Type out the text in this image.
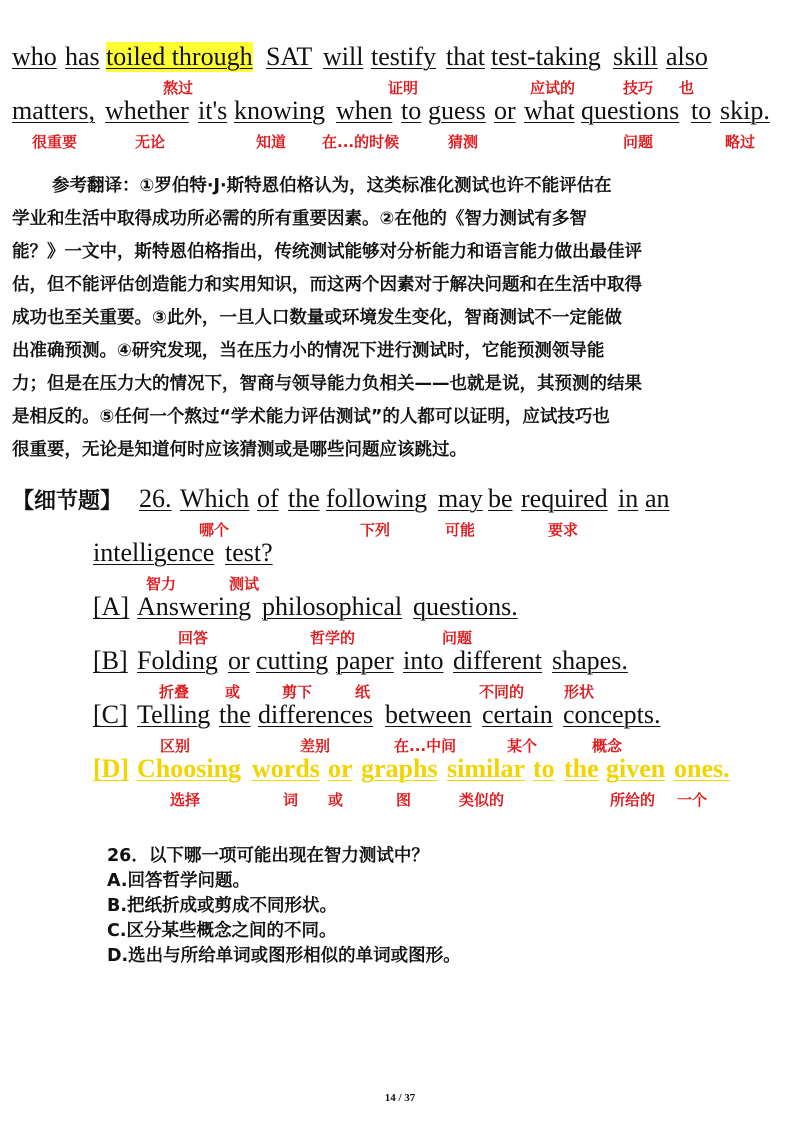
who has toiled through SAT will testify that test-taking skill also
熬过	证明	应试的	技巧 也
matters, whether it's knowing when to guess or what questions to skip.
很重要	无论	知道 在...的时候	猜测	问题	略过
参考翻译：①罗伯特·J·斯特恩伯格认为，这类标准化测试也许不能评估在
学业和生活中取得成功所必需的所有重要因素。②在他的《智力测试有多智
能？》一文中，斯特恩伯格指出，传统测试能够对分析能力和语言能力做出最佳评
估，但不能评估创造能力和实用知识，而这两个因素对于解决问题和在生活中取得
成功也至关重要。③此外，一旦人口数量或环境发生变化，智商测试不一定能做
出准确预测。④研究发现，当在压力小的情况下进行测试时，它能预测领导能
力；但是在压力大的情况下，智商与领导能力负相关——也就是说，其预测的结果
是相反的。⑤任何一个熬过“学术能力评估测试”的人都可以证明，应试技巧也
很重要，无论是知道何时应该猜测或是哪些问题应该跳过。
【细节题】 26. Which of the following may be required in an
哪个	下列	可能	要求
intelligence test?
智力	测试
[A] Answering philosophical questions.
回答	哲学的	问题
[B] Folding or cutting paper into different shapes.
折叠 或	剪下	纸	不同的	形状
[C] Telling the differences between certain concepts.
区别	差别	在...中间	某个	概念
[D] Choosing words or graphs similar to the given ones.
选择	词 或	图	类似的	所给的 一个
26．以下哪一项可能出现在智力测试中？
A.回答哲学问题。
B.把纸折成或剪成不同形状。
C.区分某些概念之间的不同。
D.选出与所给单词或图形相似的单词或图形。
14 / 37
